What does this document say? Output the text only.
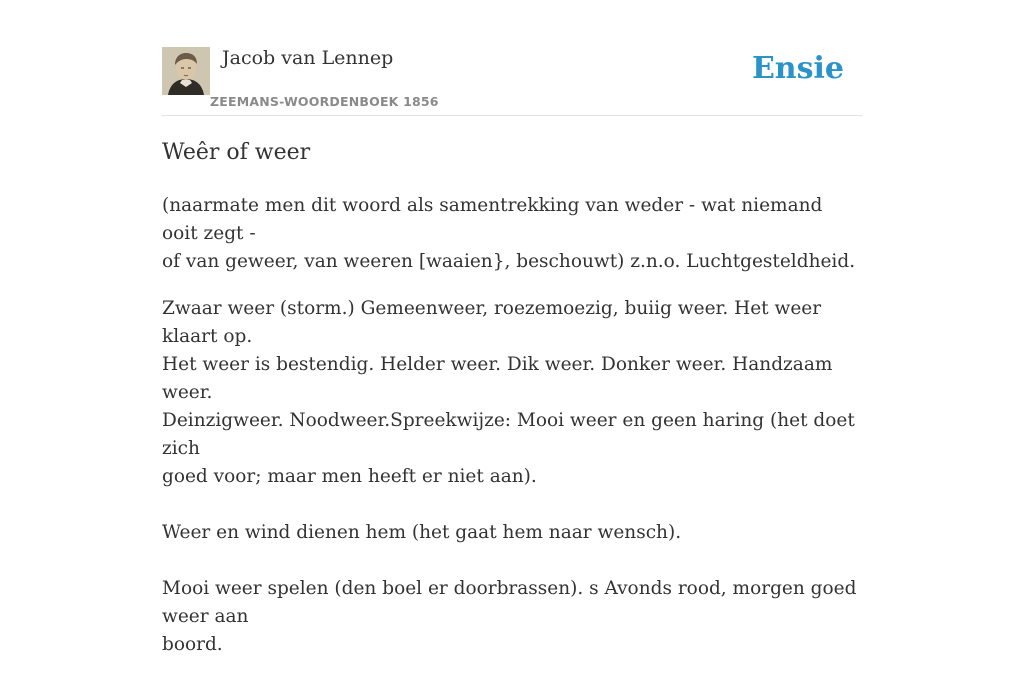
Jacob van Lennep
ZEEMANS-WOORDENBOEK 1856
Ensie
Weêr of weer

(naarmate men dit woord als samentrekking van weder - wat niemand ooit zegt -
of van geweer, van weeren [waaien}, beschouwt) z.n.o. Luchtgesteldheid.

Zwaar weer (storm.) Gemeenweer, roezemoezig, buiig weer. Het weer klaart op.
Het weer is bestendig. Helder weer. Dik weer. Donker weer. Handzaam weer.
Deinzigweer. Noodweer.Spreekwijze: Mooi weer en geen haring (het doet zich
goed voor; maar men heeft er niet aan).

Weer en wind dienen hem (het gaat hem naar wensch).

Mooi weer spelen (den boel er doorbrassen). s Avonds rood, morgen goed weer aan
boord.
